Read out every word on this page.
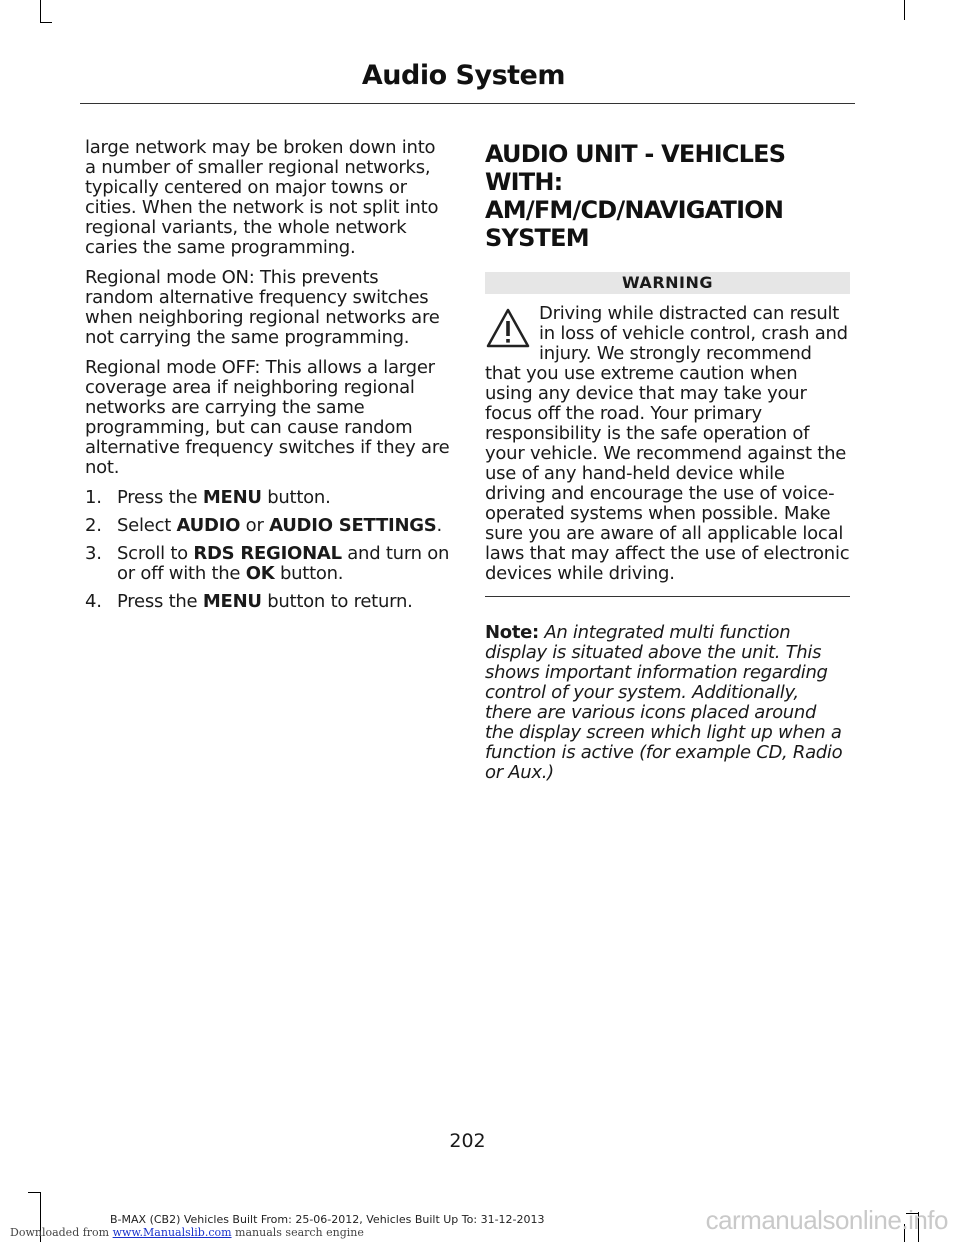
Audio System

large network may be broken down into a number of smaller regional networks, typically centered on major towns or cities. When the network is not split into regional variants, the whole network caries the same programming.

Regional mode ON: This prevents random alternative frequency switches when neighboring regional networks are not carrying the same programming.

Regional mode OFF: This allows a larger coverage area if neighboring regional networks are carrying the same programming, but can cause random alternative frequency switches if they are not.

1. Press the MENU button.
2. Select AUDIO or AUDIO SETTINGS.
3. Scroll to RDS REGIONAL and turn on or off with the OK button.
4. Press the MENU button to return.
AUDIO UNIT - VEHICLES WITH:
AM/FM/CD/NAVIGATION
SYSTEM
WARNING
Driving while distracted can result in loss of vehicle control, crash and injury. We strongly recommend that you use extreme caution when using any device that may take your focus off the road. Your primary responsibility is the safe operation of your vehicle. We recommend against the use of any hand-held device while driving and encourage the use of voice-operated systems when possible. Make sure you are aware of all applicable local laws that may affect the use of electronic devices while driving.
Note: An integrated multi function display is situated above the unit. This shows important information regarding control of your system. Additionally, there are various icons placed around the display screen which light up when a function is active (for example CD, Radio or Aux.)
202
B-MAX (CB2) Vehicles Built From: 25-06-2012, Vehicles Built Up To: 31-12-2013
Downloaded from www.Manualslib.com manuals search engine	carmanualsonline.info
